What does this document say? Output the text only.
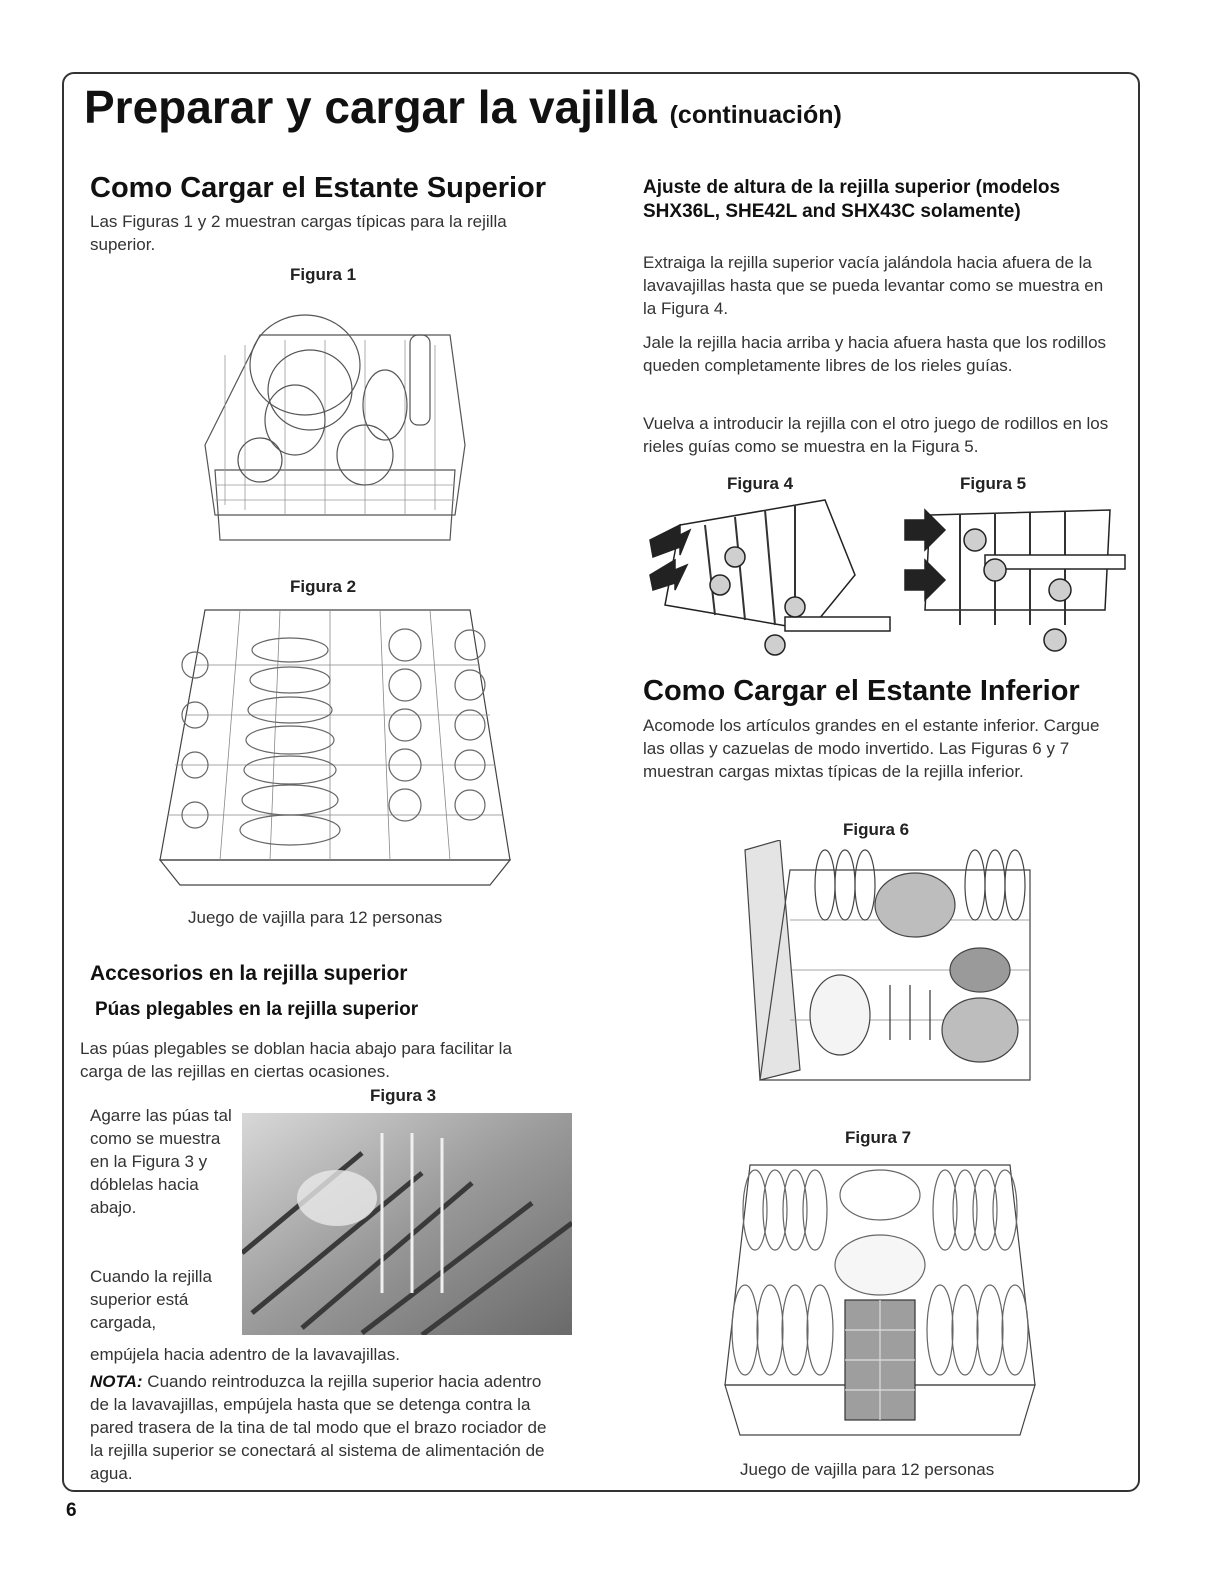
Preparar y cargar la vajilla (continuación)
Como Cargar el Estante Superior

Las Figuras 1 y 2 muestran cargas típicas para la rejilla superior.

Figura 1

Figura 2

Juego de vajilla para 12 personas

Accesorios en la rejilla superior
Púas plegables en la rejilla superior

Las púas plegables se doblan hacia abajo para facilitar la carga de las rejillas en ciertas ocasiones.

Figura 3

Agarre las púas tal como se muestra en la Figura 3 y dóblelas hacia abajo.

Cuando la rejilla superior está cargada,

empújela hacia adentro de la lavavajillas.

NOTA: Cuando reintroduzca la rejilla superior hacia adentro de la lavavajillas, empújela hasta que se detenga contra la pared trasera de la tina de tal modo que el brazo rociador de la rejilla superior se conectará al sistema de alimentación de agua.

Ajuste de altura de la rejilla superior (modelos SHX36L, SHE42L and SHX43C solamente)

Extraiga la rejilla superior vacía jalándola hacia afuera de la lavavajillas hasta que se pueda levantar como se muestra en la Figura 4.

Jale la rejilla hacia arriba y hacia afuera hasta que los rodillos queden completamente libres de los rieles guías.

Vuelva a introducir la rejilla con el otro juego de rodillos en los rieles guías como se muestra en la Figura 5.

Figura 4	Figura 5

Como Cargar el Estante Inferior

Acomode los artículos grandes en el estante inferior. Cargue las ollas y cazuelas de modo invertido. Las Figuras 6 y 7 muestran cargas mixtas típicas de la rejilla inferior.

Figura 6

Figura 7

Juego de vajilla para 12 personas

6
